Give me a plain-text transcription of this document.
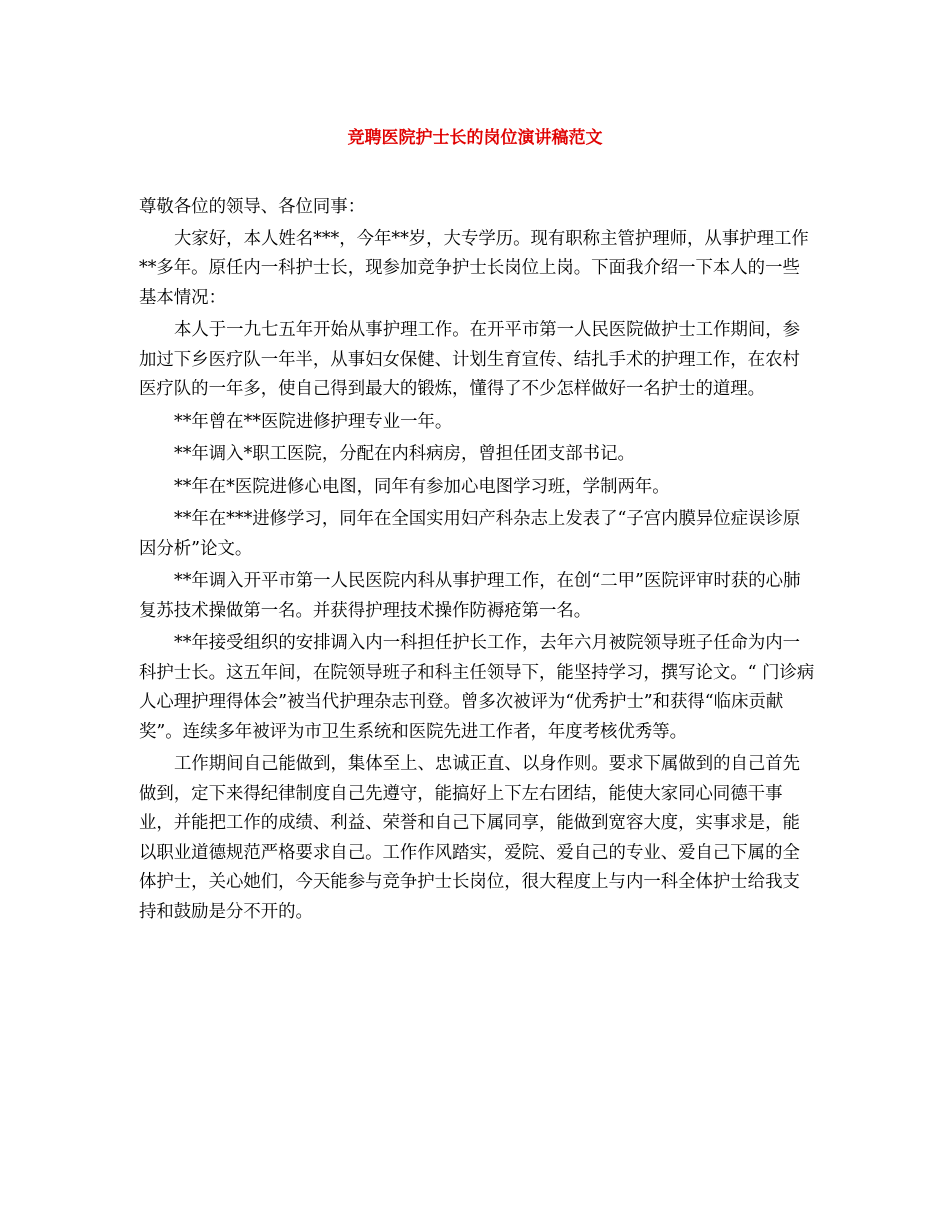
竞聘医院护士长的岗位演讲稿范文

尊敬各位的领导、各位同事：

大家好，本人姓名***，今年**岁，大专学历。现有职称主管护理师，从事护理工作**多年。原任内一科护士长，现参加竞争护士长岗位上岗。下面我介绍一下本人的一些基本情况：

本人于一九七五年开始从事护理工作。在开平市第一人民医院做护士工作期间，参加过下乡医疗队一年半，从事妇女保健、计划生育宣传、结扎手术的护理工作，在农村医疗队的一年多，使自己得到最大的锻炼，懂得了不少怎样做好一名护士的道理。

**年曾在**医院进修护理专业一年。

**年调入*职工医院，分配在内科病房，曾担任团支部书记。

**年在*医院进修心电图，同年有参加心电图学习班，学制两年。

**年在***进修学习，同年在全国实用妇产科杂志上发表了“子宫内膜异位症误诊原因分析”论文。

**年调入开平市第一人民医院内科从事护理工作，在创“二甲”医院评审时获的心肺复苏技术操做第一名。并获得护理技术操作防褥疮第一名。

**年接受组织的安排调入内一科担任护长工作，去年六月被院领导班子任命为内一科护士长。这五年间，在院领导班子和科主任领导下，能坚持学习，撰写论文。“ 门诊病人心理护理得体会”被当代护理杂志刊登。曾多次被评为“优秀护士”和获得“临床贡献奖”。连续多年被评为市卫生系统和医院先进工作者，年度考核优秀等。

工作期间自己能做到，集体至上、忠诚正直、以身作则。要求下属做到的自己首先做到，定下来得纪律制度自己先遵守，能搞好上下左右团结，能使大家同心同德干事业，并能把工作的成绩、利益、荣誉和自己下属同享，能做到宽容大度，实事求是，能以职业道德规范严格要求自己。工作作风踏实，爱院、爱自己的专业、爱自己下属的全体护士，关心她们，今天能参与竞争护士长岗位，很大程度上与内一科全体护士给我支持和鼓励是分不开的。
